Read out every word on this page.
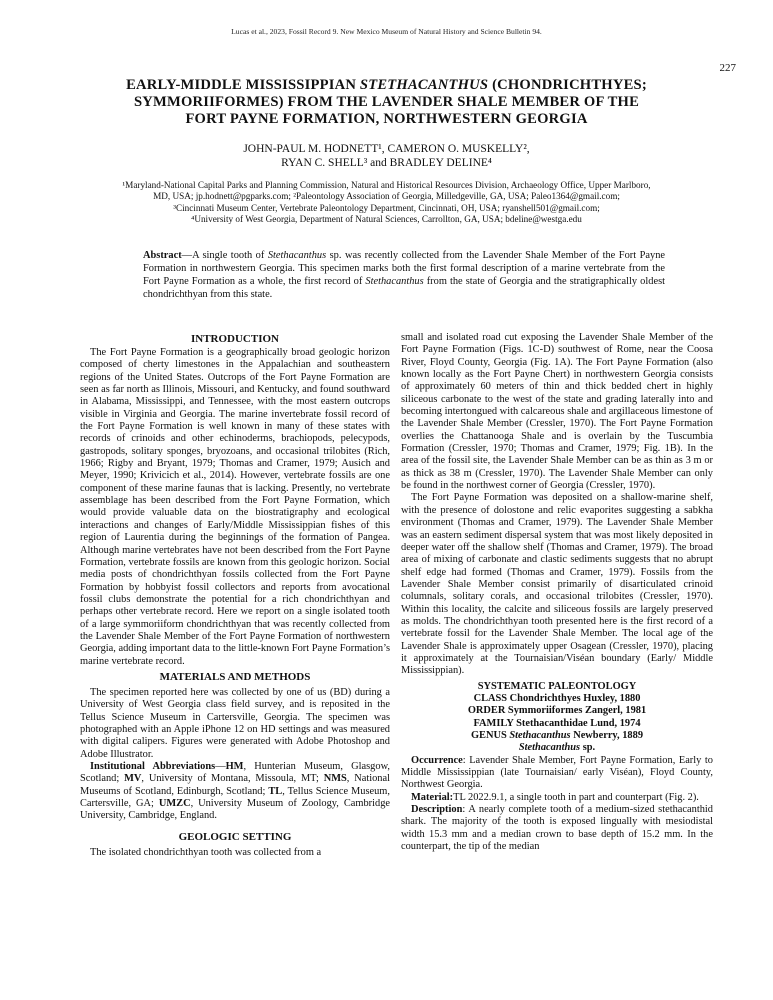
Lucas et al., 2023, Fossil Record 9. New Mexico Museum of Natural History and Science Bulletin 94.
227
EARLY-MIDDLE MISSISSIPPIAN STETHACANTHUS (CHONDRICHTHYES;
SYMMORIIFORMES) FROM THE LAVENDER SHALE MEMBER OF THE
FORT PAYNE FORMATION, NORTHWESTERN GEORGIA
JOHN-PAUL M. HODNETT¹, CAMERON O. MUSKELLY²,
RYAN C. SHELL³ and BRADLEY DELINE⁴
¹Maryland-National Capital Parks and Planning Commission, Natural and Historical Resources Division, Archaeology Office, Upper Marlboro,
MD, USA; jp.hodnett@pgparks.com; ²Paleontology Association of Georgia, Milledgeville, GA, USA; Paleo1364@gmail.com;
³Cincinnati Museum Center, Vertebrate Paleontology Department, Cincinnati, OH, USA; ryanshell501@gmail.com;
⁴University of West Georgia, Department of Natural Sciences, Carrollton, GA, USA; bdeline@westga.edu
Abstract—A single tooth of Stethacanthus sp. was recently collected from the Lavender Shale Member of the Fort Payne Formation in northwestern Georgia. This specimen marks both the first formal description of a marine vertebrate from the Fort Payne Formation as a whole, the first record of Stethacanthus from the state of Georgia and the stratigraphically oldest chondrichthyan from this state.
INTRODUCTION

The Fort Payne Formation is a geographically broad geologic horizon composed of cherty limestones in the Appalachian and southeastern regions of the United States. Outcrops of the Fort Payne Formation are seen as far north as Illinois, Missouri, and Kentucky, and found southward in Alabama, Mississippi, and Tennessee, with the most eastern outcrops visible in Virginia and Georgia. The marine invertebrate fossil record of the Fort Payne Formation is well known in many of these states with records of crinoids and other echinoderms, brachiopods, pelecypods, gastropods, solitary sponges, bryozoans, and occasional trilobites (Rich, 1966; Rigby and Bryant, 1979; Thomas and Cramer, 1979; Ausich and Meyer, 1990; Krivicich et al., 2014). However, vertebrate fossils are one component of these marine faunas that is lacking. Presently, no vertebrate assemblage has been described from the Fort Payne Formation, which would provide valuable data on the biostratigraphy and ecological interactions and changes of Early/Middle Mississippian fishes of this region of Laurentia during the beginnings of the formation of Pangea. Although marine vertebrates have not been described from the Fort Payne Formation, vertebrate fossils are known from this geologic horizon. Social media posts of chondrichthyan fossils collected from the Fort Payne Formation by hobbyist fossil collectors and reports from avocational fossil clubs demonstrate the potential for a rich chondrichthyan and perhaps other vertebrate record. Here we report on a single isolated tooth of a large symmoriiform chondrichthyan that was recently collected from the Lavender Shale Member of the Fort Payne Formation of northwestern Georgia, adding important data to the little-known Fort Payne Formation’s marine vertebrate record.

MATERIALS AND METHODS

The specimen reported here was collected by one of us (BD) during a University of West Georgia class field survey, and is reposited in the Tellus Science Museum in Cartersville, Georgia. The specimen was photographed with an Apple iPhone 12 on HD settings and was measured with digital calipers. Figures were generated with Adobe Photoshop and Adobe Illustrator.

Institutional Abbreviations—HM, Hunterian Museum, Glasgow, Scotland; MV, University of Montana, Missoula, MT; NMS, National Museums of Scotland, Edinburgh, Scotland; TL, Tellus Science Museum, Cartersville, GA; UMZC, University Museum of Zoology, Cambridge University, Cambridge, England.

GEOLOGIC SETTING

The isolated chondrichthyan tooth was collected from a

small and isolated road cut exposing the Lavender Shale Member of the Fort Payne Formation (Figs. 1C-D) southwest of Rome, near the Coosa River, Floyd County, Georgia (Fig. 1A). The Fort Payne Formation (also known locally as the Fort Payne Chert) in northwestern Georgia consists of approximately 60 meters of thin and thick bedded chert in highly siliceous carbonate to the west of the state and grading laterally into and becoming intertongued with calcareous shale and argillaceous limestone of the Lavender Shale Member (Cressler, 1970). The Fort Payne Formation overlies the Chattanooga Shale and is overlain by the Tuscumbia Formation (Cressler, 1970; Thomas and Cramer, 1979; Fig. 1B). In the area of the fossil site, the Lavender Shale Member can be as thin as 3 m or as thick as 38 m (Cressler, 1970). The Lavender Shale Member can only be found in the northwest corner of Georgia (Cressler, 1970).

The Fort Payne Formation was deposited on a shallow-marine shelf, with the presence of dolostone and relic evaporites suggesting a sabkha environment (Thomas and Cramer, 1979). The Lavender Shale Member was an eastern sediment dispersal system that was most likely deposited in deeper water off the shallow shelf (Thomas and Cramer, 1979). The broad area of mixing of carbonate and clastic sediments suggests that no abrupt shelf edge had formed (Thomas and Cramer, 1979). Fossils from the Lavender Shale Member consist primarily of disarticulated crinoid columnals, solitary corals, and occasional trilobites (Cressler, 1970). Within this locality, the calcite and siliceous fossils are largely preserved as molds. The chondrichthyan tooth presented here is the first record of a vertebrate fossil for the Lavender Shale Member. The local age of the Lavender Shale is approximately upper Osagean (Cressler, 1970), placing it approximately at the Tournaisian/Viséan boundary (Early/ Middle Mississippian).

SYSTEMATIC PALEONTOLOGY
CLASS Chondrichthyes Huxley, 1880
ORDER Symmoriiformes Zangerl, 1981
FAMILY Stethacanthidae Lund, 1974
GENUS Stethacanthus Newberry, 1889
Stethacanthus sp.

Occurrence: Lavender Shale Member, Fort Payne Formation, Early to Middle Mississippian (late Tournaisian/ early Viséan), Floyd County, Northwest Georgia.

Material:TL 2022.9.1, a single tooth in part and counterpart (Fig. 2).

Description: A nearly complete tooth of a medium-sized stethacanthid shark. The majority of the tooth is exposed lingually with mesiodistal width 15.3 mm and a median crown to base depth of 15.2 mm. In the counterpart, the tip of the median
